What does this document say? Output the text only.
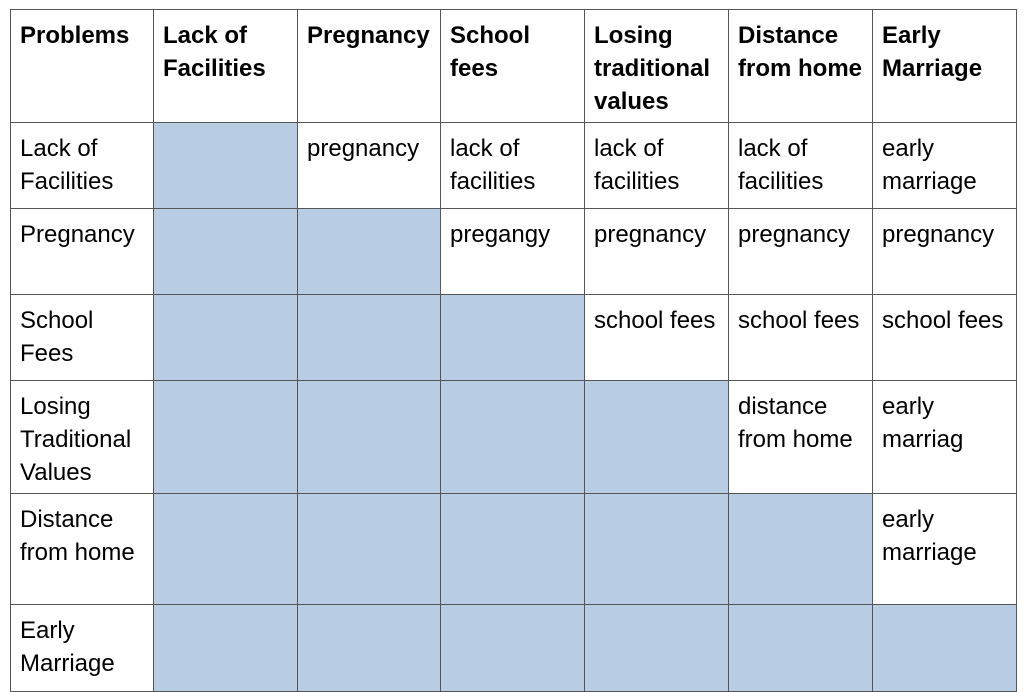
Problems	Lack of Facilities	Pregnancy	School fees	Losing traditional values	Distance from home	Early Marriage
Lack of Facilities		pregnancy	lack of facilities	lack of facilities	lack of facilities	early marriage
Pregnancy			pregangy	pregnancy	pregnancy	pregnancy
School Fees				school fees	school fees	school fees
Losing Traditional Values					distance from home	early marriag
Distance from home						early marriage
Early Marriage						
